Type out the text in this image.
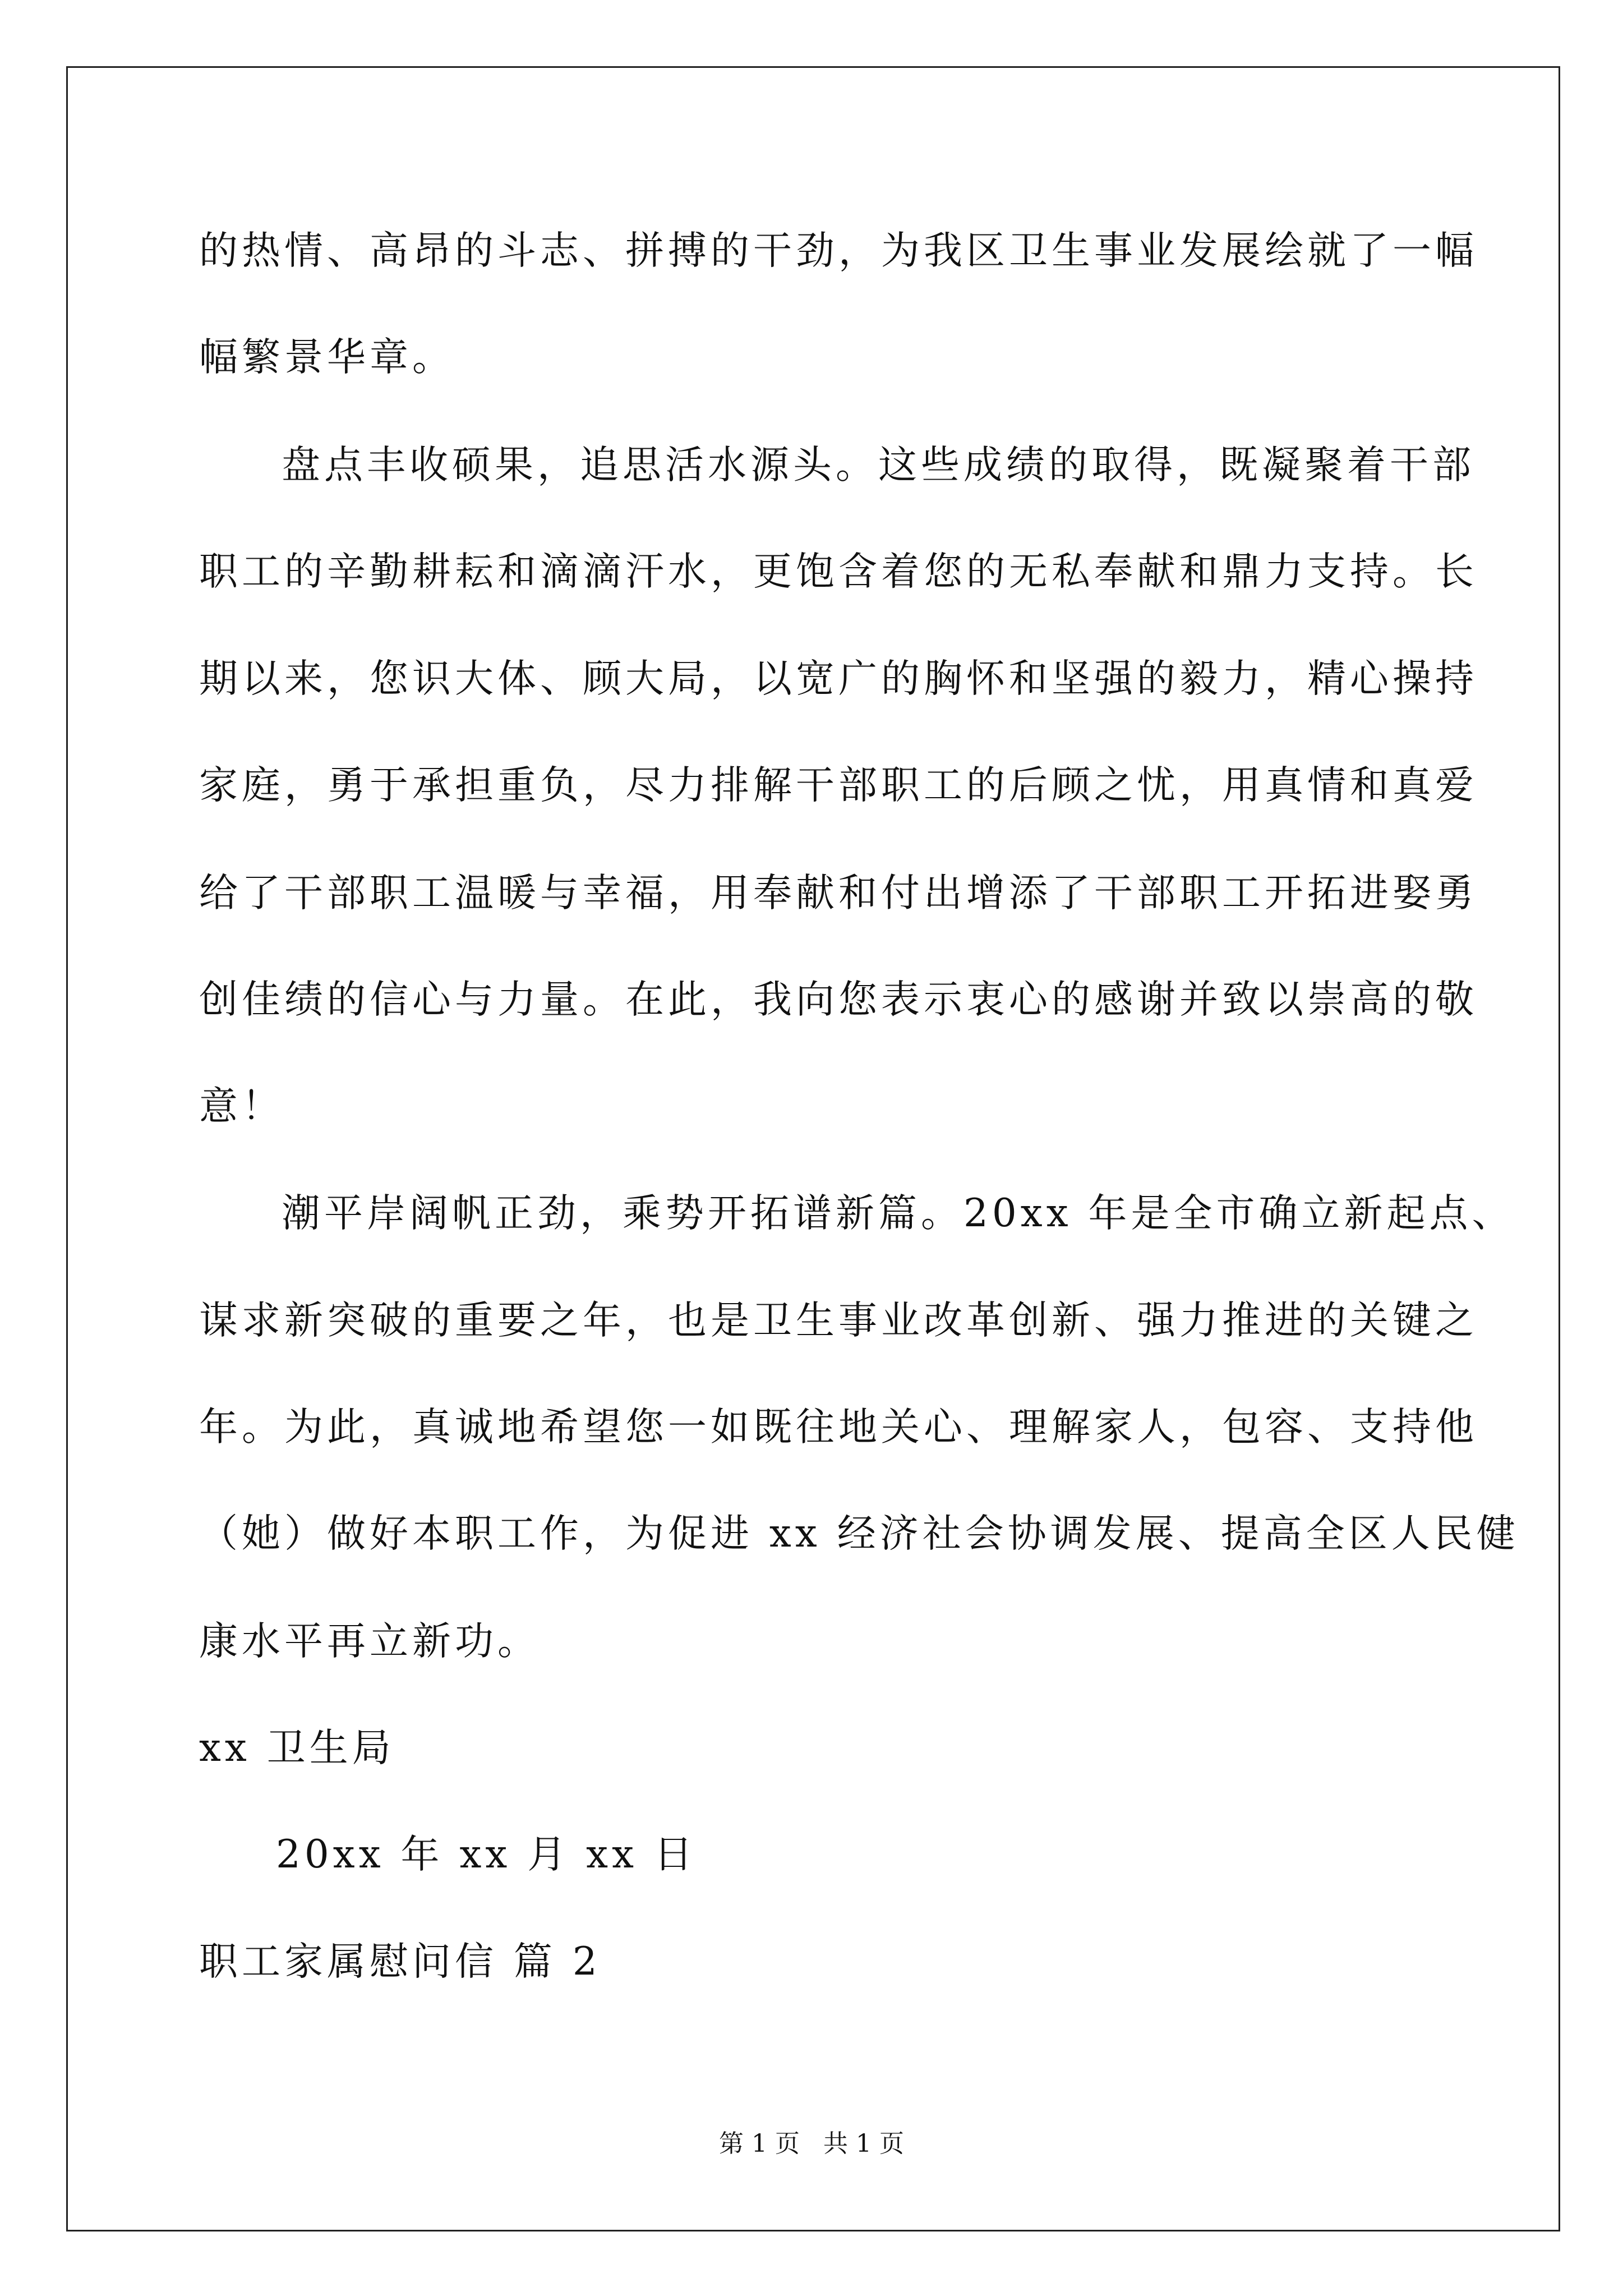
的热情、高昂的斗志、拼搏的干劲，为我区卫生事业发展绘就了一幅
幅繁景华章。
盘点丰收硕果，追思活水源头。这些成绩的取得，既凝聚着干部
职工的辛勤耕耘和滴滴汗水，更饱含着您的无私奉献和鼎力支持。长
期以来，您识大体、顾大局，以宽广的胸怀和坚强的毅力，精心操持
家庭，勇于承担重负，尽力排解干部职工的后顾之忧，用真情和真爱
给了干部职工温暖与幸福，用奉献和付出增添了干部职工开拓进娶勇
创佳绩的信心与力量。在此，我向您表示衷心的感谢并致以崇高的敬
意！
潮平岸阔帆正劲，乘势开拓谱新篇。20xx 年是全市确立新起点、
谋求新突破的重要之年，也是卫生事业改革创新、强力推进的关键之
年。为此，真诚地希望您一如既往地关心、理解家人，包容、支持他
（她）做好本职工作，为促进 xx 经济社会协调发展、提高全区人民健
康水平再立新功。
xx 卫生局
20xx 年 xx 月 xx 日
职工家属慰问信 篇 2
第 1 页   共 1 页
